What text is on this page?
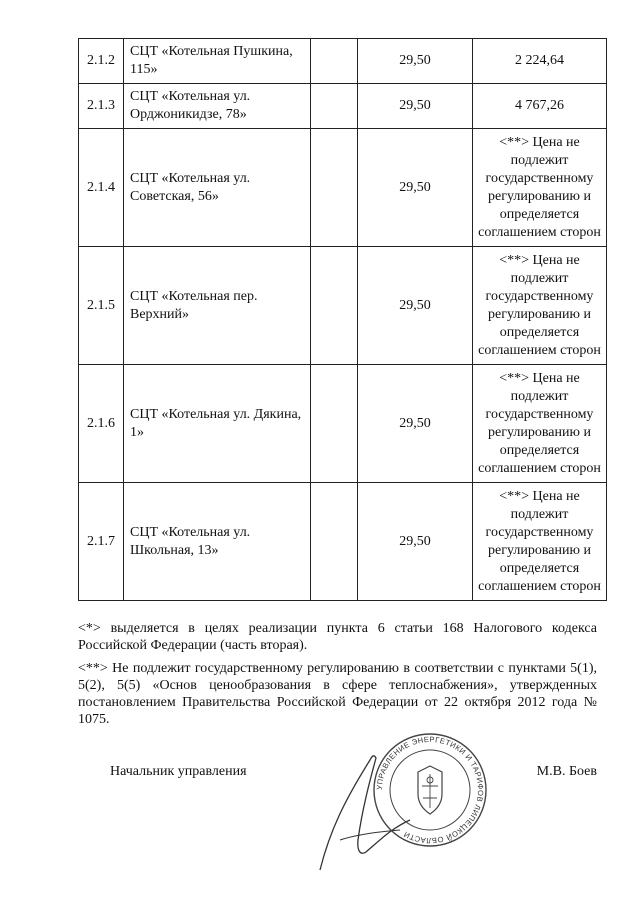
2.1.2	СЦТ «Котельная Пушкина, 115»		29,50	2 224,64
2.1.3	СЦТ «Котельная ул. Орджоникидзе, 78»		29,50	4 767,26
2.1.4	СЦТ «Котельная ул. Советская, 56»		29,50	<**> Цена не подлежит государственному регулированию и определяется соглашением сторон

2.1.5	СЦТ «Котельная пер. Верхний»		29,50	<**> Цена не подлежит государственному регулированию и определяется соглашением сторон

2.1.6	СЦТ «Котельная ул. Дякина, 1»		29,50	<**> Цена не подлежит государственному регулированию и определяется соглашением сторон

2.1.7	СЦТ «Котельная ул. Школьная, 13»		29,50	<**> Цена не подлежит государственному регулированию и определяется соглашением сторон

<*> выделяется в целях реализации пункта 6 статьи 168 Налогового кодекса Российской Федерации (часть вторая).

<**> Не подлежит государственному регулированию в соответствии с пунктами 5(1), 5(2), 5(5) «Основ ценообразования в сфере теплоснабжения», утвержденных постановлением Правительства Российской Федерации от 22 октября 2012 года № 1075.

Начальник управления	М.В. Боев
УПРАВЛЕНИЕ ЭНЕРГЕТИКИ И ТАРИФОВ ЛИПЕЦКОЙ ОБЛАСТИ
